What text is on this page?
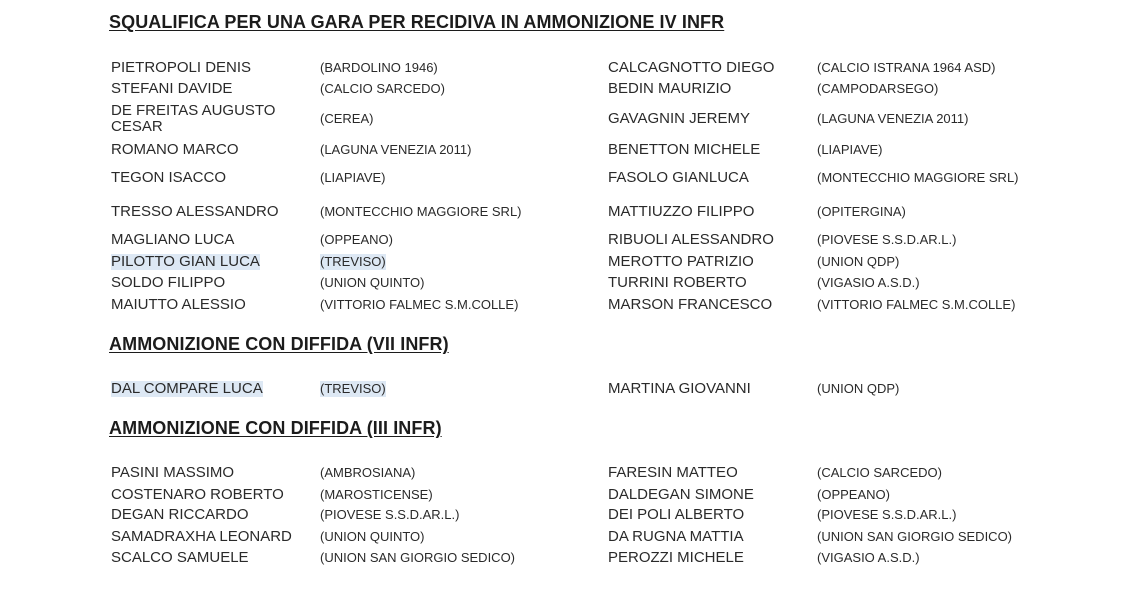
SQUALIFICA PER UNA GARA PER RECIDIVA IN AMMONIZIONE IV INFR
PIETROPOLI DENIS	(BARDOLINO 1946)	CALCAGNOTTO DIEGO	(CALCIO ISTRANA 1964 ASD)
STEFANI DAVIDE	(CALCIO SARCEDO)	BEDIN MAURIZIO	(CAMPODARSEGO)
DE FREITAS AUGUSTO CESAR	(CEREA)	GAVAGNIN JEREMY	(LAGUNA VENEZIA 2011)
ROMANO MARCO	(LAGUNA VENEZIA 2011)	BENETTON MICHELE	(LIAPIAVE)
TEGON ISACCO	(LIAPIAVE)	FASOLO GIANLUCA	(MONTECCHIO MAGGIORE SRL)
TRESSO ALESSANDRO	(MONTECCHIO MAGGIORE SRL)	MATTIUZZO FILIPPO	(OPITERGINA)
MAGLIANO LUCA	(OPPEANO)	RIBUOLI ALESSANDRO	(PIOVESE S.S.D.AR.L.)
PILOTTO GIAN LUCA	(TREVISO)	MEROTTO PATRIZIO	(UNION QDP)
SOLDO FILIPPO	(UNION QUINTO)	TURRINI ROBERTO	(VIGASIO A.S.D.)
MAIUTTO ALESSIO	(VITTORIO FALMEC S.M.COLLE)	MARSON FRANCESCO	(VITTORIO FALMEC S.M.COLLE)
AMMONIZIONE CON DIFFIDA (VII INFR)
DAL COMPARE LUCA	(TREVISO)	MARTINA GIOVANNI	(UNION QDP)
AMMONIZIONE CON DIFFIDA (III INFR)
PASINI MASSIMO	(AMBROSIANA)	FARESIN MATTEO	(CALCIO SARCEDO)
COSTENARO ROBERTO	(MAROSTICENSE)	DALDEGAN SIMONE	(OPPEANO)
DEGAN RICCARDO	(PIOVESE S.S.D.AR.L.)	DEI POLI ALBERTO	(PIOVESE S.S.D.AR.L.)
SAMADRAXHA LEONARD (UNION QUINTO)	DA RUGNA MATTIA	(UNION SAN GIORGIO SEDICO)
SCALCO SAMUELE	(UNION SAN GIORGIO SEDICO)	PEROZZI MICHELE	(VIGASIO A.S.D.)
